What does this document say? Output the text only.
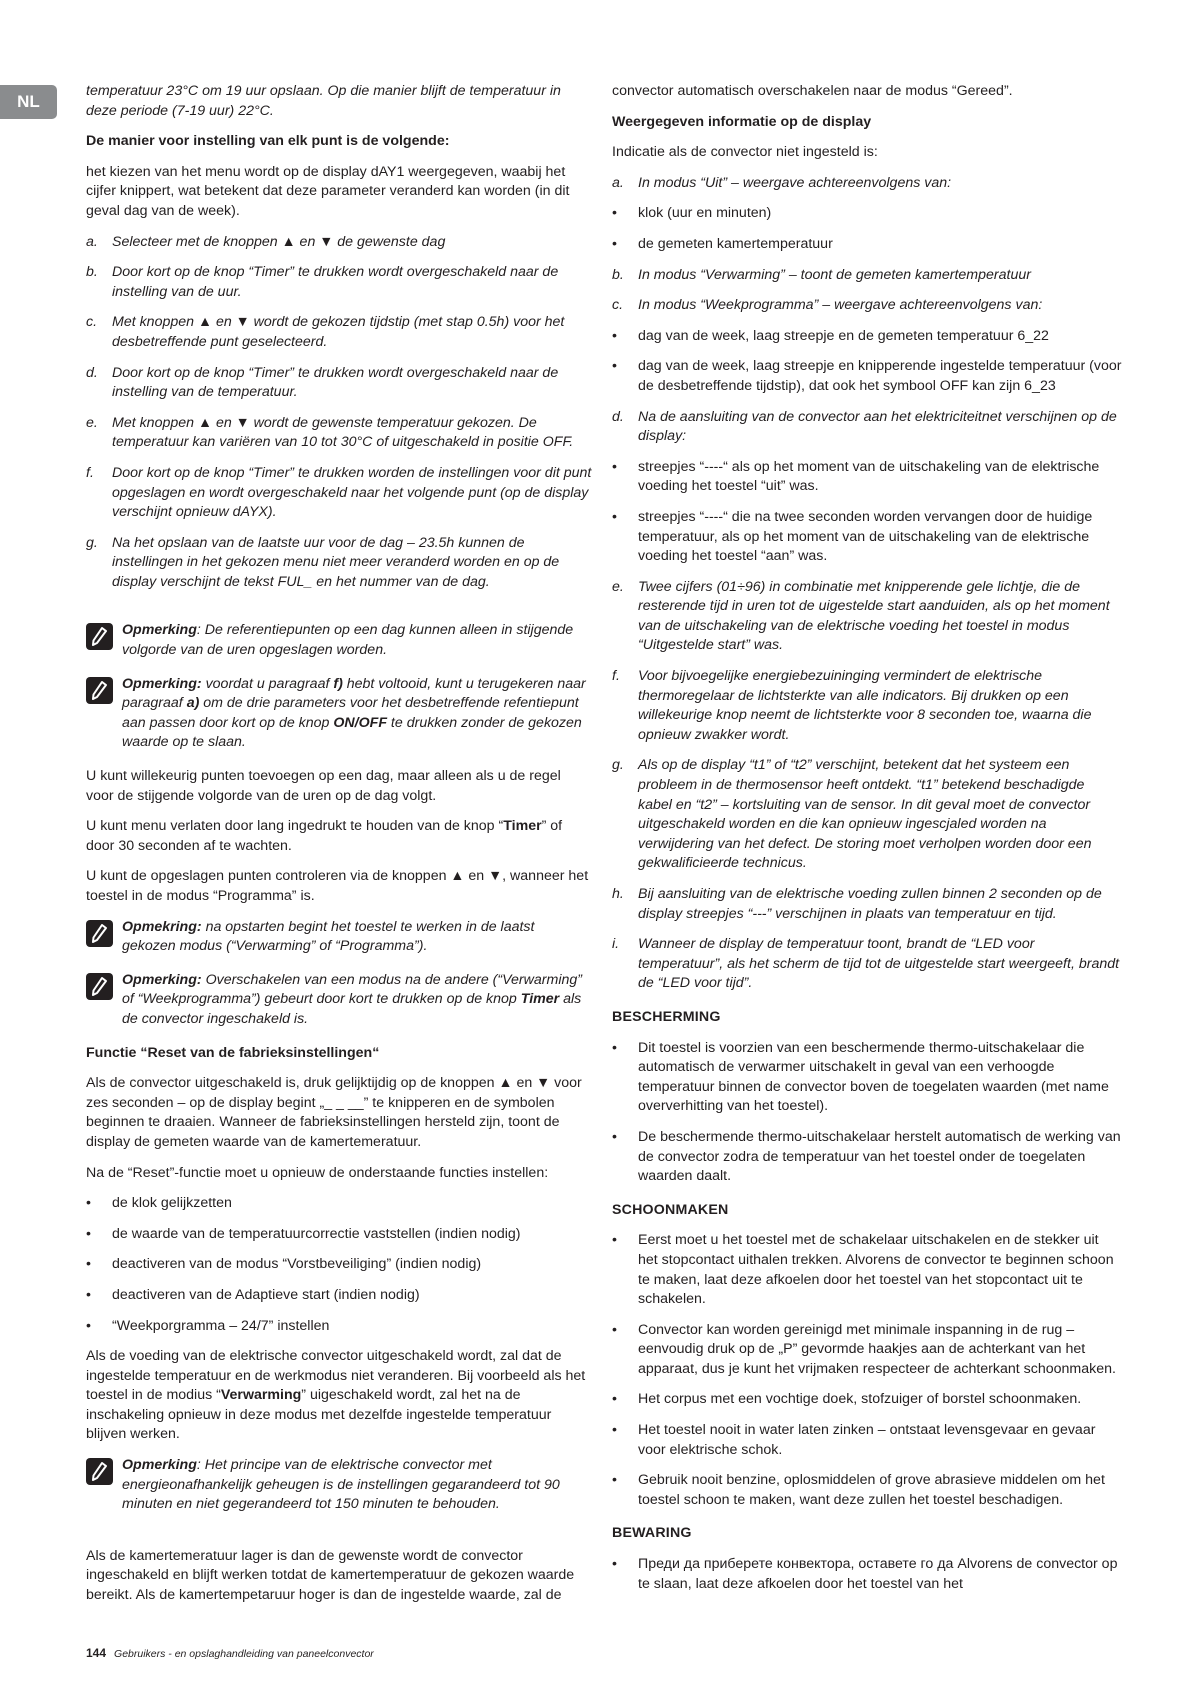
NL

temperatuur 23°C om 19 uur opslaan. Op die manier blijft de temperatuur in deze periode (7-19 uur) 22°C.

De manier voor instelling van elk punt is de volgende:

het kiezen van het menu wordt op de display dAY1 weergegeven, waabij het cijfer knippert, wat betekent dat deze parameter veranderd kan worden (in dit geval dag van de week).

a. Selecteer met de knoppen ▲ en ▼ de gewenste dag
b. Door kort op de knop “Timer” te drukken wordt overgeschakeld naar de instelling van de uur.
c.	Met knoppen ▲ en ▼ wordt de gekozen tijdstip (met stap 0.5h) voor het desbetreffende punt geselecteerd.
d. Door kort op de knop “Timer” te drukken wordt overgeschakeld naar de instelling van de temperatuur.
e. Met knoppen ▲ en ▼ wordt de gewenste temperatuur gekozen. De temperatuur kan variëren van 10 tot 30°C of uitgeschakeld in positie OFF.
f.	Door kort op de knop “Timer” te drukken worden de instellingen voor dit punt opgeslagen en wordt overgeschakeld naar het volgende punt (op de display verschijnt opnieuw dAYX).
g. Na het opslaan van de laatste uur voor de dag – 23.5h kunnen de instellingen in het gekozen menu niet meer veranderd worden en op de display verschijnt de tekst FUL_ en het nummer van de dag.
Opmerking: De referentiepunten op een dag kunnen alleen in stijgende volgorde van de uren opgeslagen worden.
Opmerking: voordat u paragraaf f) hebt voltooid, kunt u terugekeren naar paragraaf a) om de drie parameters voor het desbetreffende refentiepunt aan passen door kort op de knop ON/OFF te drukken zonder de gekozen waarde op te slaan.

U kunt willekeurig punten toevoegen op een dag, maar alleen als u de regel voor de stijgende volgorde van de uren op de dag volgt.

U kunt menu verlaten door lang ingedrukt te houden van de knop “Timer” of door 30 seconden af te wachten.

U kunt de opgeslagen punten controleren via de knoppen ▲ en ▼, wanneer het toestel in de modus “Programma” is.

Opmekring: na opstarten begint het toestel te werken in de laatst gekozen modus (“Verwarming” of “Programma”).
Opmerking: Overschakelen van een modus na de andere (“Verwarming” of “Weekprogramma”) gebeurt door kort te drukken op de knop Timer als de convector ingeschakeld is.

Functie “Reset van de fabrieksinstellingen“

Als de convector uitgeschakeld is, druk gelijktijdig op de knoppen ▲ en ▼ voor zes seconden – op de display begint „_ _ __” te knipperen en de symbolen beginnen te draaien. Wanneer de fabrieksinstellingen hersteld zijn, toont de display de gemeten waarde van de kamertemeratuur.

Na de “Reset”-functie moet u opnieuw de onderstaande functies instellen:

•	de klok gelijkzetten
•	de waarde van de temperatuurcorrectie vaststellen (indien nodig)
•	deactiveren van de modus “Vorstbeveiliging” (indien nodig)
•	deactiveren van de Adaptieve start (indien nodig)
•	“Weekporgramma – 24/7” instellen

Als de voeding van de elektrische convector uitgeschakeld wordt, zal dat de ingestelde temperatuur en de werkmodus niet veranderen. Bij voorbeeld als het toestel in de modius “Verwarming” uigeschakeld wordt, zal het na de inschakeling opnieuw in deze modus met dezelfde ingestelde temperatuur blijven werken.

Opmerking: Het principe van de elektrische convector met energieonafhankelijk geheugen is de instellingen gegarandeerd tot 90 minuten en niet gegerandeerd tot 150 minuten te behouden.

Als de kamertemeratuur lager is dan de gewenste wordt de convector ingeschakeld en blijft werken totdat de kamertemperatuur de gekozen waarde bereikt. Als de kamertempetaruur hoger is dan de ingestelde waarde, zal de

convector automatisch overschakelen naar de modus “Gereed”.

Weergegeven informatie op de display

Indicatie als de convector niet ingesteld is:

a. In modus “Uit” – weergave achtereenvolgens van:
•	klok (uur en minuten)
•	de gemeten kamertemperatuur
b. In modus “Verwarming” – toont de gemeten kamertemperatuur
c.	In modus “Weekprogramma” – weergave achtereenvolgens van:
•	dag van de week, laag streepje en de gemeten temperatuur 6_22
•	dag van de week, laag streepje en knipperende ingestelde temperatuur (voor de desbetreffende tijdstip), dat ook het symbool OFF kan zijn 6_23
d. Na de aansluiting van de convector aan het elektriciteitnet verschijnen op de display:
•	streepjes “----“ als op het moment van de uitschakeling van de elektrische voeding het toestel “uit” was.
•	streepjes “----“ die na twee seconden worden vervangen door de huidige temperatuur, als op het moment van de uitschakeling van de elektrische voeding het toestel “aan” was.
e. Twee cijfers (01÷96) in combinatie met knipperende gele lichtje, die de resterende tijd in uren tot de uigestelde start aanduiden, als op het moment van de uitschakeling van de elektrische voeding het toestel in modus “Uitgestelde start” was.
f.	Voor bijvoegelijke energiebezuininging vermindert de elektrische thermoregelaar de lichtsterkte van alle indicators. Bij drukken op een willekeurige knop neemt de lichtsterkte voor 8 seconden toe, waarna die opnieuw zwakker wordt.
g. Als op de display “t1” of “t2” verschijnt, betekent dat het systeem een probleem in de thermosensor heeft ontdekt. “t1” betekend beschadigde kabel en “t2” – kortsluiting van de sensor. In dit geval moet de convector uitgeschakeld worden en die kan opnieuw ingescjaled worden na verwijdering van het defect. De storing moet verholpen worden door een gekwalificieerde technicus.
h. Bij aansluiting van de elektrische voeding zullen binnen 2 seconden op de display streepjes “---” verschijnen in plaats van temperatuur en tijd.
i.	Wanneer de display de temperatuur toont, brandt de “LED voor temperatuur”, als het scherm de tijd tot de uitgestelde start weergeeft, brandt de “LED voor tijd”.

BESCHERMING

•	Dit toestel is voorzien van een beschermende thermo-uitschakelaar die automatisch de verwarmer uitschakelt in geval van een verhoogde temperatuur binnen de convector boven de toegelaten waarden (met name oververhitting van het toestel).
•	De beschermende thermo-uitschakelaar herstelt automatisch de werking van de convector zodra de temperatuur van het toestel onder de toegelaten waarden daalt.

SCHOONMAKEN

•	Eerst moet u het toestel met de schakelaar uitschakelen en de stekker uit het stopcontact uithalen trekken. Alvorens de convector te beginnen schoon te maken, laat deze afkoelen door het toestel van het stopcontact uit te schakelen.
•	Convector kan worden gereinigd met minimale inspanning in de rug – eenvoudig druk op de „P” gevormde haakjes aan de achterkant van het apparaat, dus je kunt het vrijmaken respecteer de achterkant schoonmaken.
•	Het corpus met een vochtige doek, stofzuiger of borstel schoonmaken.
•	Het toestel nooit in water laten zinken – ontstaat levensgevaar en gevaar voor elektrische schok.
•	Gebruik nooit benzine, oplosmiddelen of grove abrasieve middelen om het toestel schoon te maken, want deze zullen het toestel beschadigen.

BEWARING

•	Преди да приберете конвектора, оставете го да Alvorens de convector op te slaan, laat deze afkoelen door het toestel van het
144 Gebruikers - en opslaghandleiding van paneelconvector
